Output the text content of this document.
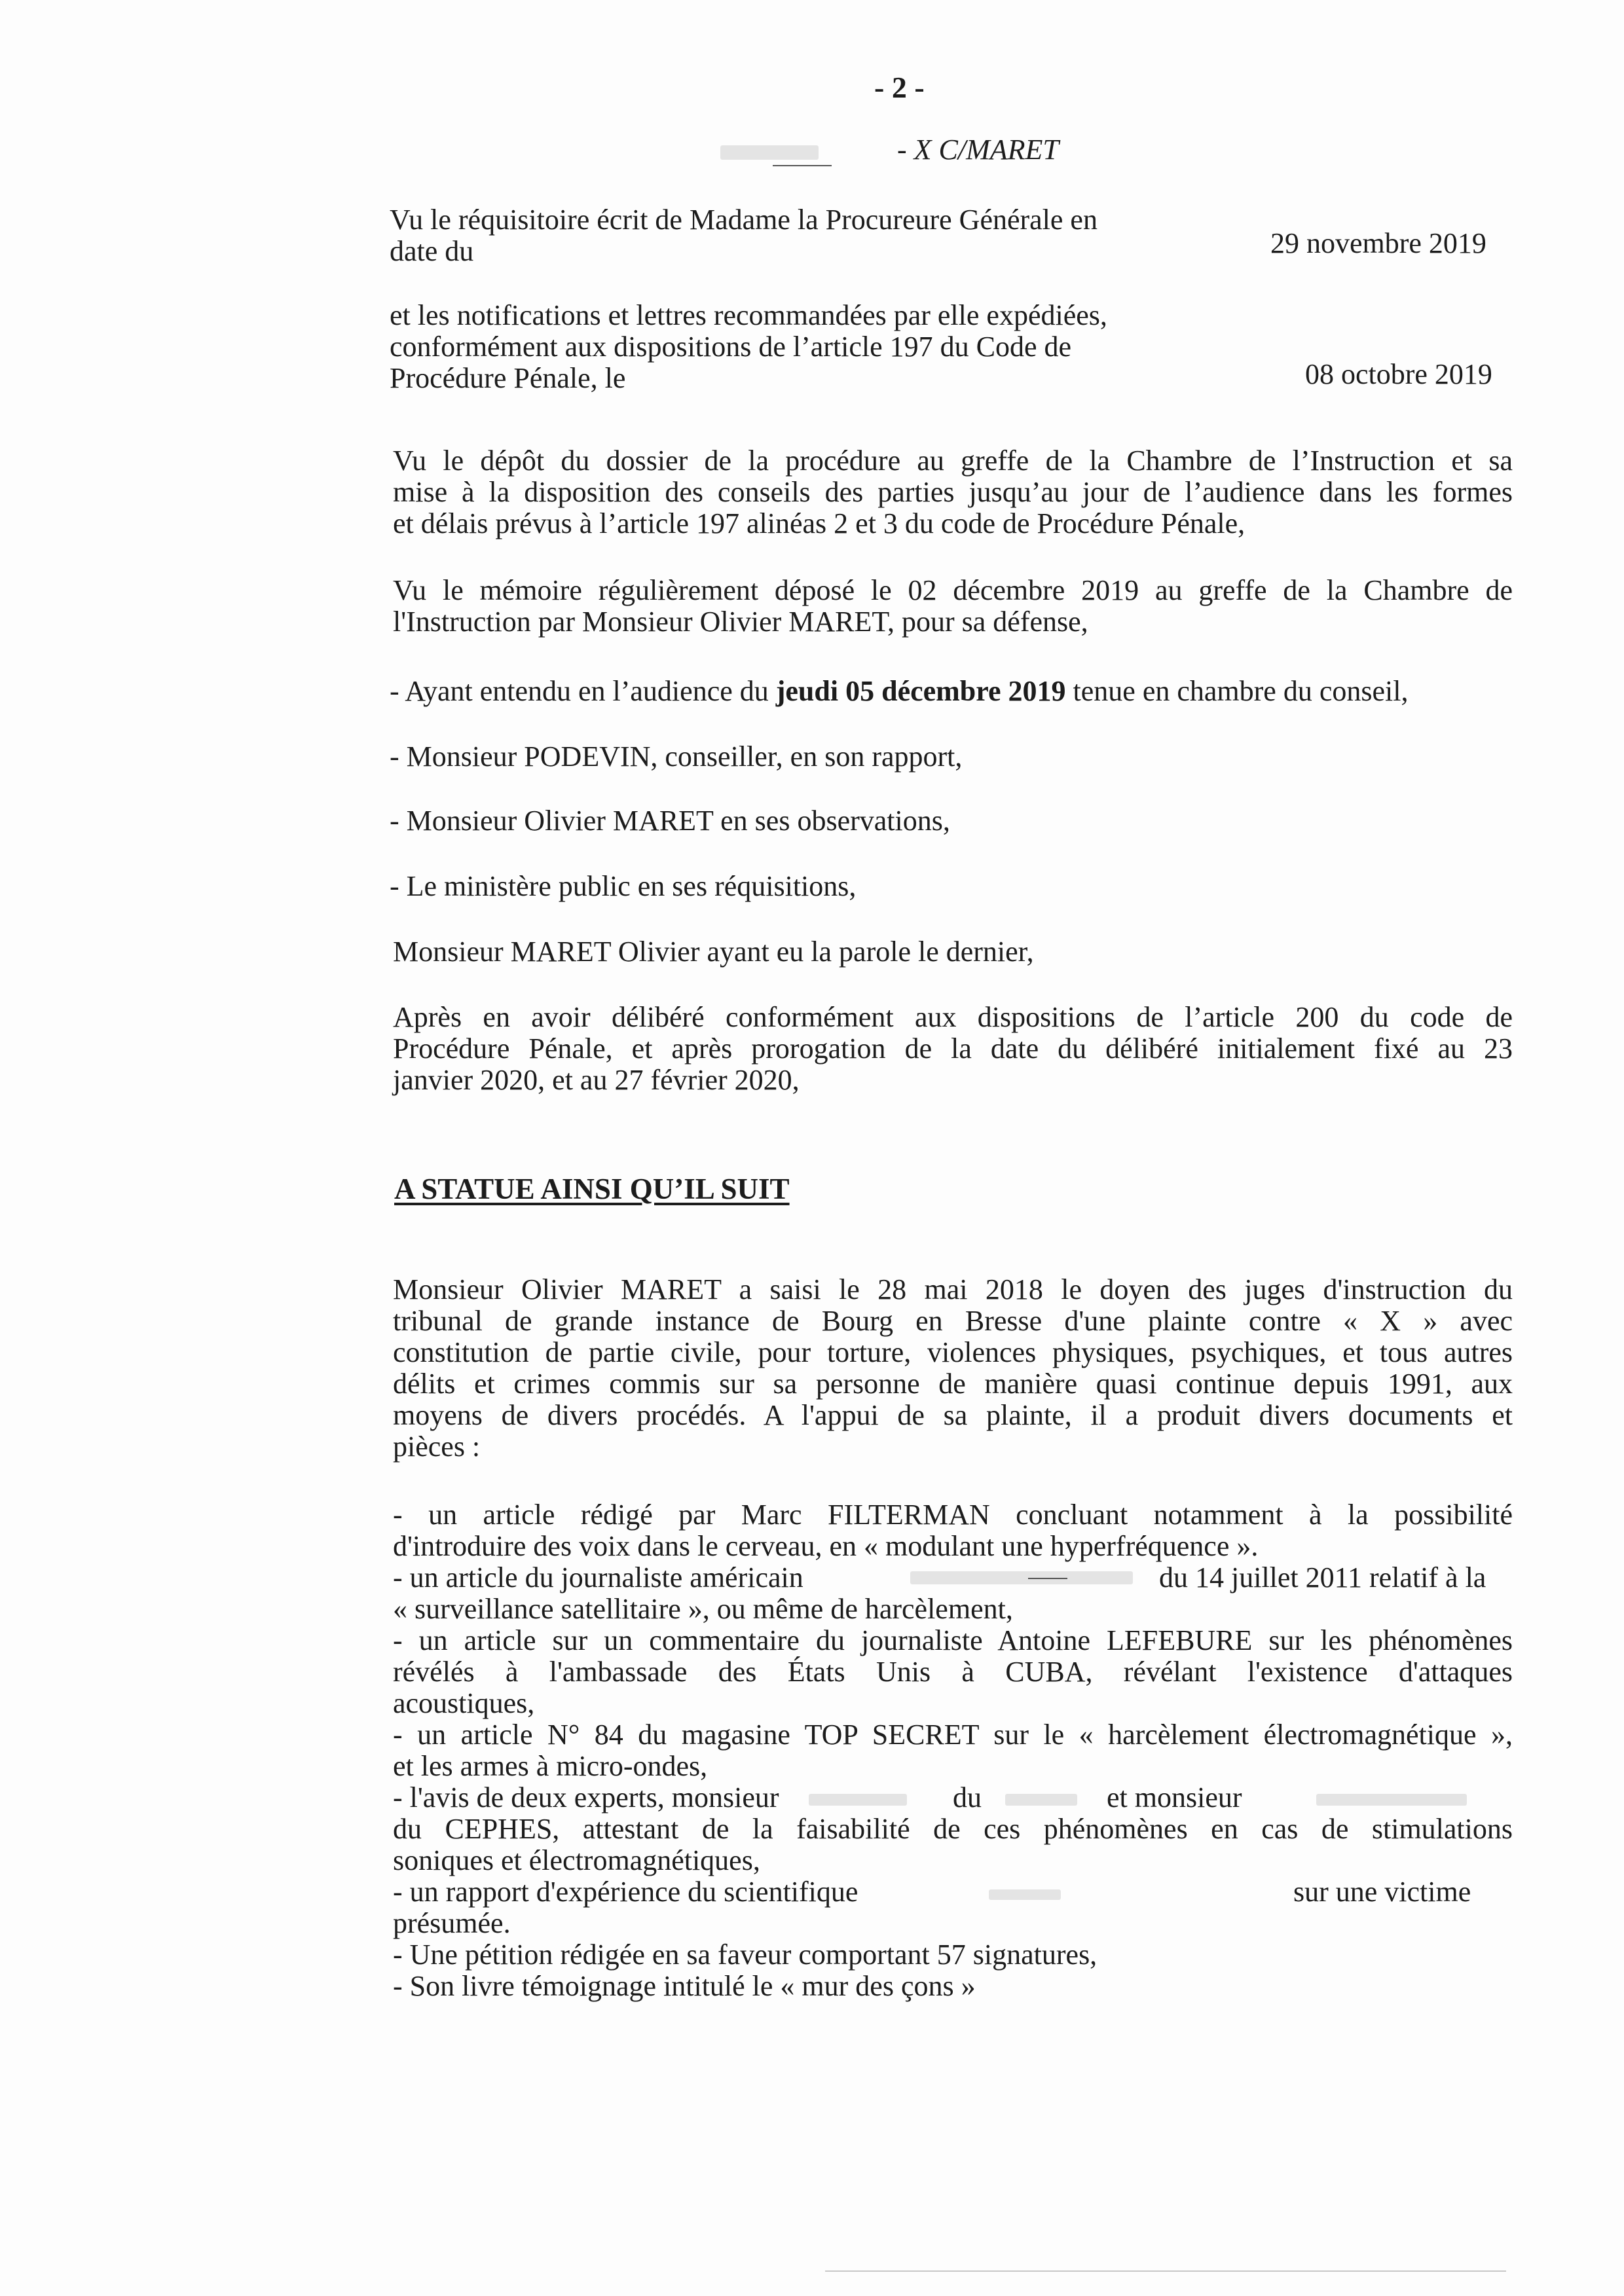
- 2 -
- X C/MARET
Vu le réquisitoire écrit de Madame la Procureure Générale en
date du	29 novembre 2019
et les notifications et lettres recommandées par elle expédiées,
conformément aux dispositions de l’article 197 du Code de
Procédure Pénale, le	08 octobre 2019
Vu le dépôt du dossier de la procédure au greffe de la Chambre de l’Instruction et sa
mise à la disposition des conseils des parties jusqu’au jour de l’audience dans les formes
et délais prévus à l’article 197 alinéas 2 et 3 du code de Procédure Pénale,
Vu le mémoire régulièrement déposé le 02 décembre 2019 au greffe de la Chambre de
l'Instruction par Monsieur Olivier MARET, pour sa défense,
- Ayant entendu en l’audience du jeudi 05 décembre 2019 tenue en chambre du conseil,
- Monsieur PODEVIN, conseiller, en son rapport,
- Monsieur Olivier MARET en ses observations,
- Le ministère public en ses réquisitions,
Monsieur MARET Olivier ayant eu la parole le dernier,
Après en avoir délibéré conformément aux dispositions de l’article 200 du code de
Procédure Pénale, et après prorogation de la date du délibéré initialement fixé au 23
janvier 2020, et au 27 février 2020,
A STATUE AINSI QU’IL SUIT
Monsieur Olivier MARET a saisi le 28 mai 2018 le doyen des juges d'instruction du
tribunal de grande instance de Bourg en Bresse d'une plainte contre « X » avec
constitution de partie civile, pour torture, violences physiques, psychiques, et tous autres
délits et crimes commis sur sa personne de manière quasi continue depuis 1991, aux
moyens de divers procédés. A l'appui de sa plainte, il a produit divers documents et
pièces :
- un article rédigé par Marc FILTERMAN concluant notamment à la possibilité
d'introduire des voix dans le cerveau, en « modulant une hyperfréquence ».
- un article du journaliste américain	du 14 juillet 2011 relatif à la
« surveillance satellitaire », ou même de harcèlement,
- un article sur un commentaire du journaliste Antoine LEFEBURE sur les phénomènes
révélés à l'ambassade des États Unis à CUBA, révélant l'existence d'attaques
acoustiques,
- un article N° 84 du magasine TOP SECRET sur le « harcèlement électromagnétique »,
et les armes à micro-ondes,
- l'avis de deux experts, monsieur	du	et monsieur
du CEPHES, attestant de la faisabilité de ces phénomènes en cas de stimulations
soniques et électromagnétiques,
- un rapport d'expérience du scientifique	sur une victime
présumée.
- Une pétition rédigée en sa faveur comportant 57 signatures,
- Son livre témoignage intitulé le « mur des çons »
